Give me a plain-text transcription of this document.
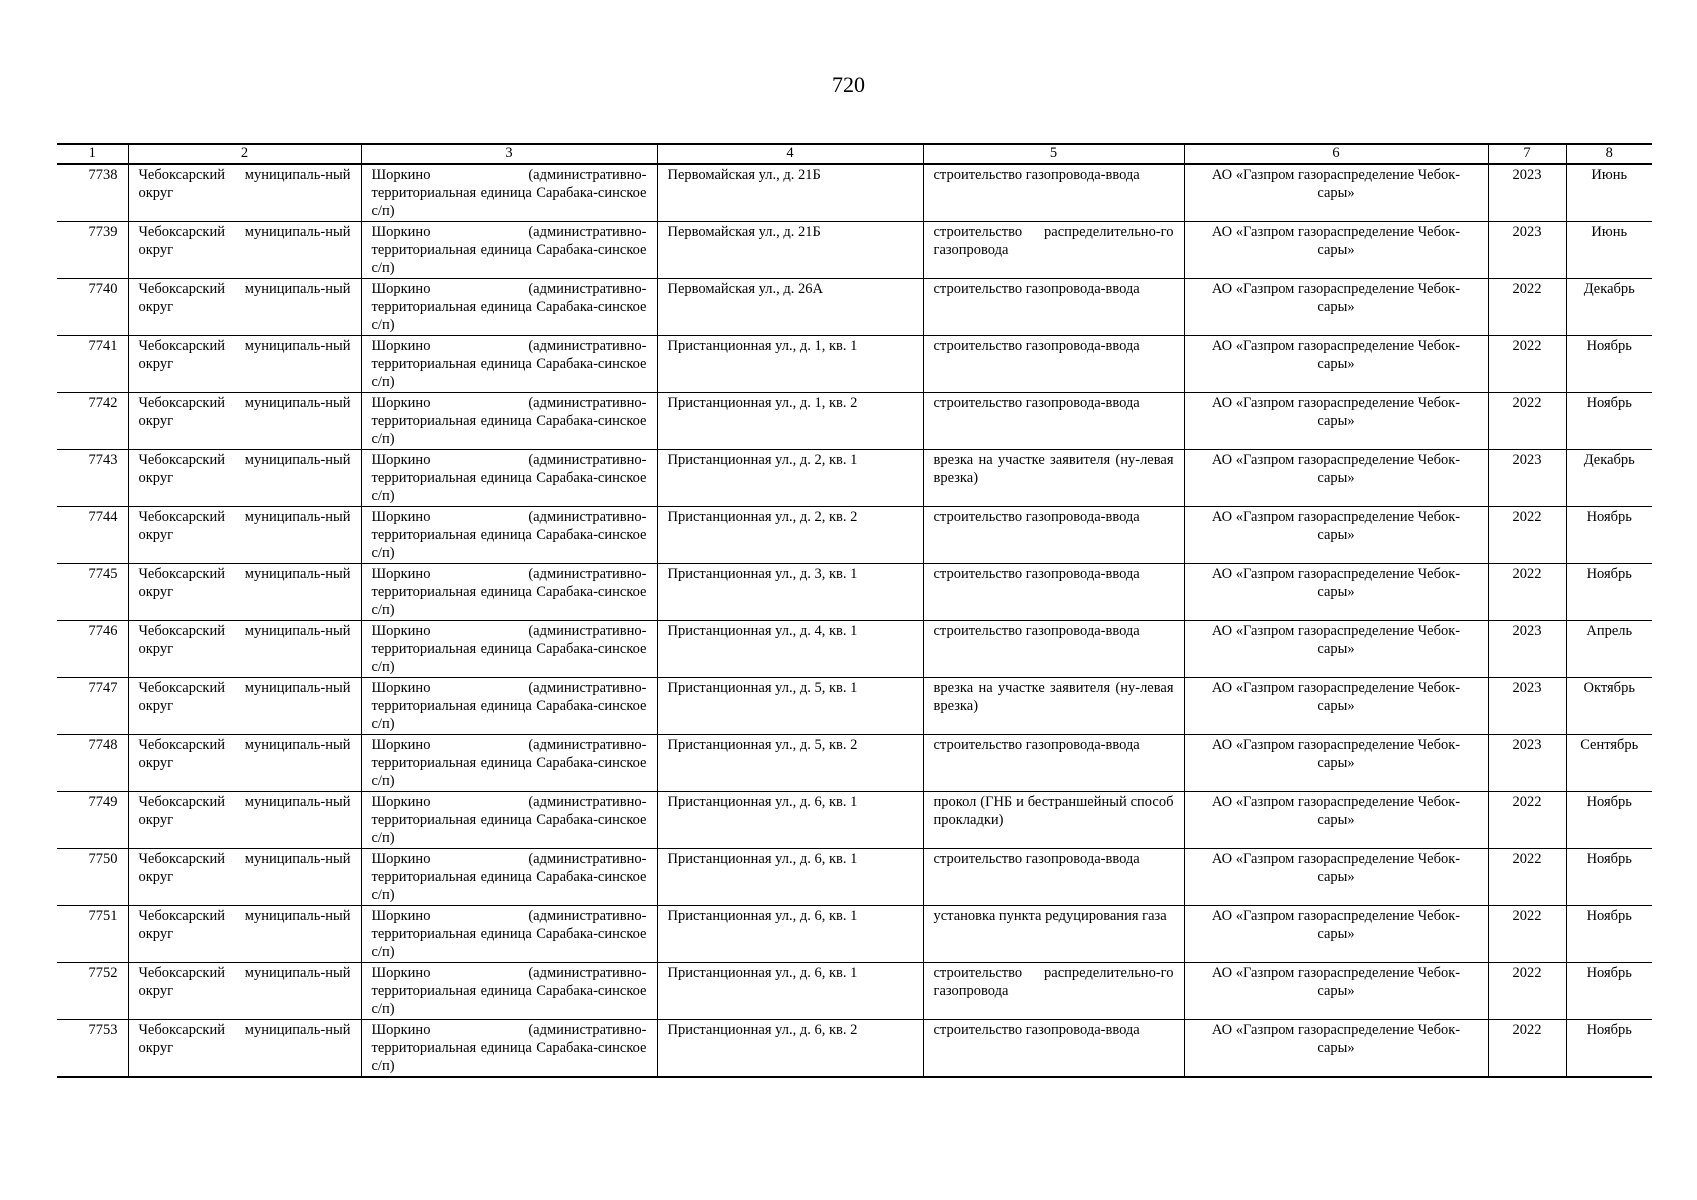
720
1	2	3	4	5	6	7	8
7738	Чебоксарский муниципаль-ный округ	Шоркино (административно-территориальная единица Сарабака-синское с/п)	Первомайская ул., д. 21Б	строительство газопровода-ввода	АО «Газпром газораспределение Чебок-сары»	2023	Июнь
7739	Чебоксарский муниципаль-ный округ	Шоркино (административно-территориальная единица Сарабака-синское с/п)	Первомайская ул., д. 21Б	строительство распределительно-го газопровода	АО «Газпром газораспределение Чебок-сары»	2023	Июнь
7740	Чебоксарский муниципаль-ный округ	Шоркино (административно-территориальная единица Сарабака-синское с/п)	Первомайская ул., д. 26А	строительство газопровода-ввода	АО «Газпром газораспределение Чебок-сары»	2022	Декабрь
7741	Чебоксарский муниципаль-ный округ	Шоркино (административно-территориальная единица Сарабака-синское с/п)	Пристанционная ул., д. 1, кв. 1	строительство газопровода-ввода	АО «Газпром газораспределение Чебок-сары»	2022	Ноябрь
7742	Чебоксарский муниципаль-ный округ	Шоркино (административно-территориальная единица Сарабака-синское с/п)	Пристанционная ул., д. 1, кв. 2	строительство газопровода-ввода	АО «Газпром газораспределение Чебок-сары»	2022	Ноябрь
7743	Чебоксарский муниципаль-ный округ	Шоркино (административно-территориальная единица Сарабака-синское с/п)	Пристанционная ул., д. 2, кв. 1	врезка на участке заявителя (ну-левая врезка)	АО «Газпром газораспределение Чебок-сары»	2023	Декабрь
7744	Чебоксарский муниципаль-ный округ	Шоркино (административно-территориальная единица Сарабака-синское с/п)	Пристанционная ул., д. 2, кв. 2	строительство газопровода-ввода	АО «Газпром газораспределение Чебок-сары»	2022	Ноябрь
7745	Чебоксарский муниципаль-ный округ	Шоркино (административно-территориальная единица Сарабака-синское с/п)	Пристанционная ул., д. 3, кв. 1	строительство газопровода-ввода	АО «Газпром газораспределение Чебок-сары»	2022	Ноябрь
7746	Чебоксарский муниципаль-ный округ	Шоркино (административно-территориальная единица Сарабака-синское с/п)	Пристанционная ул., д. 4, кв. 1	строительство газопровода-ввода	АО «Газпром газораспределение Чебок-сары»	2023	Апрель
7747	Чебоксарский муниципаль-ный округ	Шоркино (административно-территориальная единица Сарабака-синское с/п)	Пристанционная ул., д. 5, кв. 1	врезка на участке заявителя (ну-левая врезка)	АО «Газпром газораспределение Чебок-сары»	2023	Октябрь
7748	Чебоксарский муниципаль-ный округ	Шоркино (административно-территориальная единица Сарабака-синское с/п)	Пристанционная ул., д. 5, кв. 2	строительство газопровода-ввода	АО «Газпром газораспределение Чебок-сары»	2023	Сентябрь
7749	Чебоксарский муниципаль-ный округ	Шоркино (административно-территориальная единица Сарабака-синское с/п)	Пристанционная ул., д. 6, кв. 1	прокол (ГНБ и бестраншейный способ прокладки)	АО «Газпром газораспределение Чебок-сары»	2022	Ноябрь
7750	Чебоксарский муниципаль-ный округ	Шоркино (административно-территориальная единица Сарабака-синское с/п)	Пристанционная ул., д. 6, кв. 1	строительство газопровода-ввода	АО «Газпром газораспределение Чебок-сары»	2022	Ноябрь
7751	Чебоксарский муниципаль-ный округ	Шоркино (административно-территориальная единица Сарабака-синское с/п)	Пристанционная ул., д. 6, кв. 1	установка пункта редуцирования газа	АО «Газпром газораспределение Чебок-сары»	2022	Ноябрь
7752	Чебоксарский муниципаль-ный округ	Шоркино (административно-территориальная единица Сарабака-синское с/п)	Пристанционная ул., д. 6, кв. 1	строительство распределительно-го газопровода	АО «Газпром газораспределение Чебок-сары»	2022	Ноябрь
7753	Чебоксарский муниципаль-ный округ	Шоркино (административно-территориальная единица Сарабака-синское с/п)	Пристанционная ул., д. 6, кв. 2	строительство газопровода-ввода	АО «Газпром газораспределение Чебок-сары»	2022	Ноябрь
